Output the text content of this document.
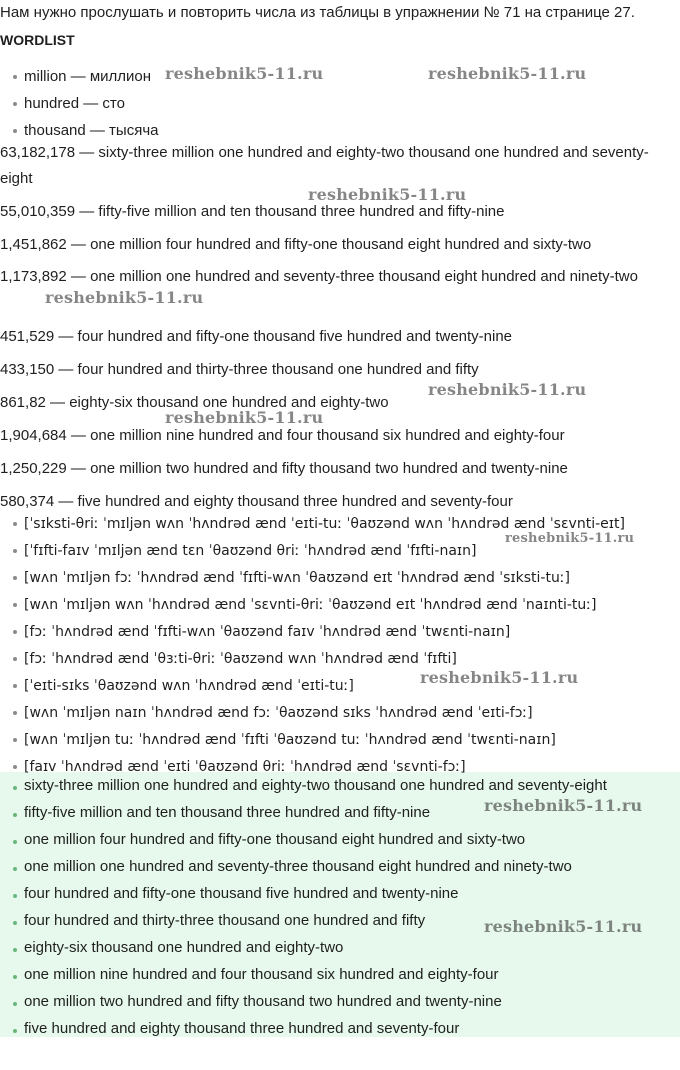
Нам нужно прослушать и повторить числа из таблицы в упражнении № 71 на странице 27.
WORDLIST
million — миллион
hundred — сто
thousand — тысяча
63,182,178 — sixty-three million one hundred and eighty-two thousand one hundred and seventy-eight
55,010,359 — fifty-five million and ten thousand three hundred and fifty-nine
1,451,862 — one million four hundred and fifty-one thousand eight hundred and sixty-two
1,173,892 — one million one hundred and seventy-three thousand eight hundred and ninety-two
451,529 — four hundred and fifty-one thousand five hundred and twenty-nine
433,150 — four hundred and thirty-three thousand one hundred and fifty
861,82 — eighty-six thousand one hundred and eighty-two
1,904,684 — one million nine hundred and four thousand six hundred and eighty-four
1,250,229 — one million two hundred and fifty thousand two hundred and twenty-nine
580,374 — five hundred and eighty thousand three hundred and seventy-four
[ˈsɪksti-θriː ˈmɪljən wʌn ˈhʌndrəd ænd ˈeɪti-tuː ˈθaʊzənd wʌn ˈhʌndrəd ænd ˈsɛvnti-eɪt]
[ˈfɪfti-faɪv ˈmɪljən ænd tɛn ˈθaʊzənd θriː ˈhʌndrəd ænd ˈfɪfti-naɪn]
[wʌn ˈmɪljən fɔː ˈhʌndrəd ænd ˈfɪfti-wʌn ˈθaʊzənd eɪt ˈhʌndrəd ænd ˈsɪksti-tuː]
[wʌn ˈmɪljən wʌn ˈhʌndrəd ænd ˈsɛvnti-θriː ˈθaʊzənd eɪt ˈhʌndrəd ænd ˈnaɪnti-tuː]
[fɔː ˈhʌndrəd ænd ˈfɪfti-wʌn ˈθaʊzənd faɪv ˈhʌndrəd ænd ˈtwɛnti-naɪn]
[fɔː ˈhʌndrəd ænd ˈθɜːti-θriː ˈθaʊzənd wʌn ˈhʌndrəd ænd ˈfɪfti]
[ˈeɪti-sɪks ˈθaʊzənd wʌn ˈhʌndrəd ænd ˈeɪti-tuː]
[wʌn ˈmɪljən naɪn ˈhʌndrəd ænd fɔː ˈθaʊzənd sɪks ˈhʌndrəd ænd ˈeɪti-fɔː]
[wʌn ˈmɪljən tuː ˈhʌndrəd ænd ˈfɪfti ˈθaʊzənd tuː ˈhʌndrəd ænd ˈtwɛnti-naɪn]
[faɪv ˈhʌndrəd ænd ˈeɪti ˈθaʊzənd θriː ˈhʌndrəd ænd ˈsɛvnti-fɔː]
sixty-three million one hundred and eighty-two thousand one hundred and seventy-eight
fifty-five million and ten thousand three hundred and fifty-nine
one million four hundred and fifty-one thousand eight hundred and sixty-two
one million one hundred and seventy-three thousand eight hundred and ninety-two
four hundred and fifty-one thousand five hundred and twenty-nine
four hundred and thirty-three thousand one hundred and fifty
eighty-six thousand one hundred and eighty-two
one million nine hundred and four thousand six hundred and eighty-four
one million two hundred and fifty thousand two hundred and twenty-nine
five hundred and eighty thousand three hundred and seventy-four
reshebnik5-11.ru	reshebnik5-11.ru
reshebnik5-11.ru
reshebnik5-11.ru
reshebnik5-11.ru
reshebnik5-11.ru
reshebnik5-11.ru
reshebnik5-11.ru
reshebnik5-11.ru
reshebnik5-11.ru
